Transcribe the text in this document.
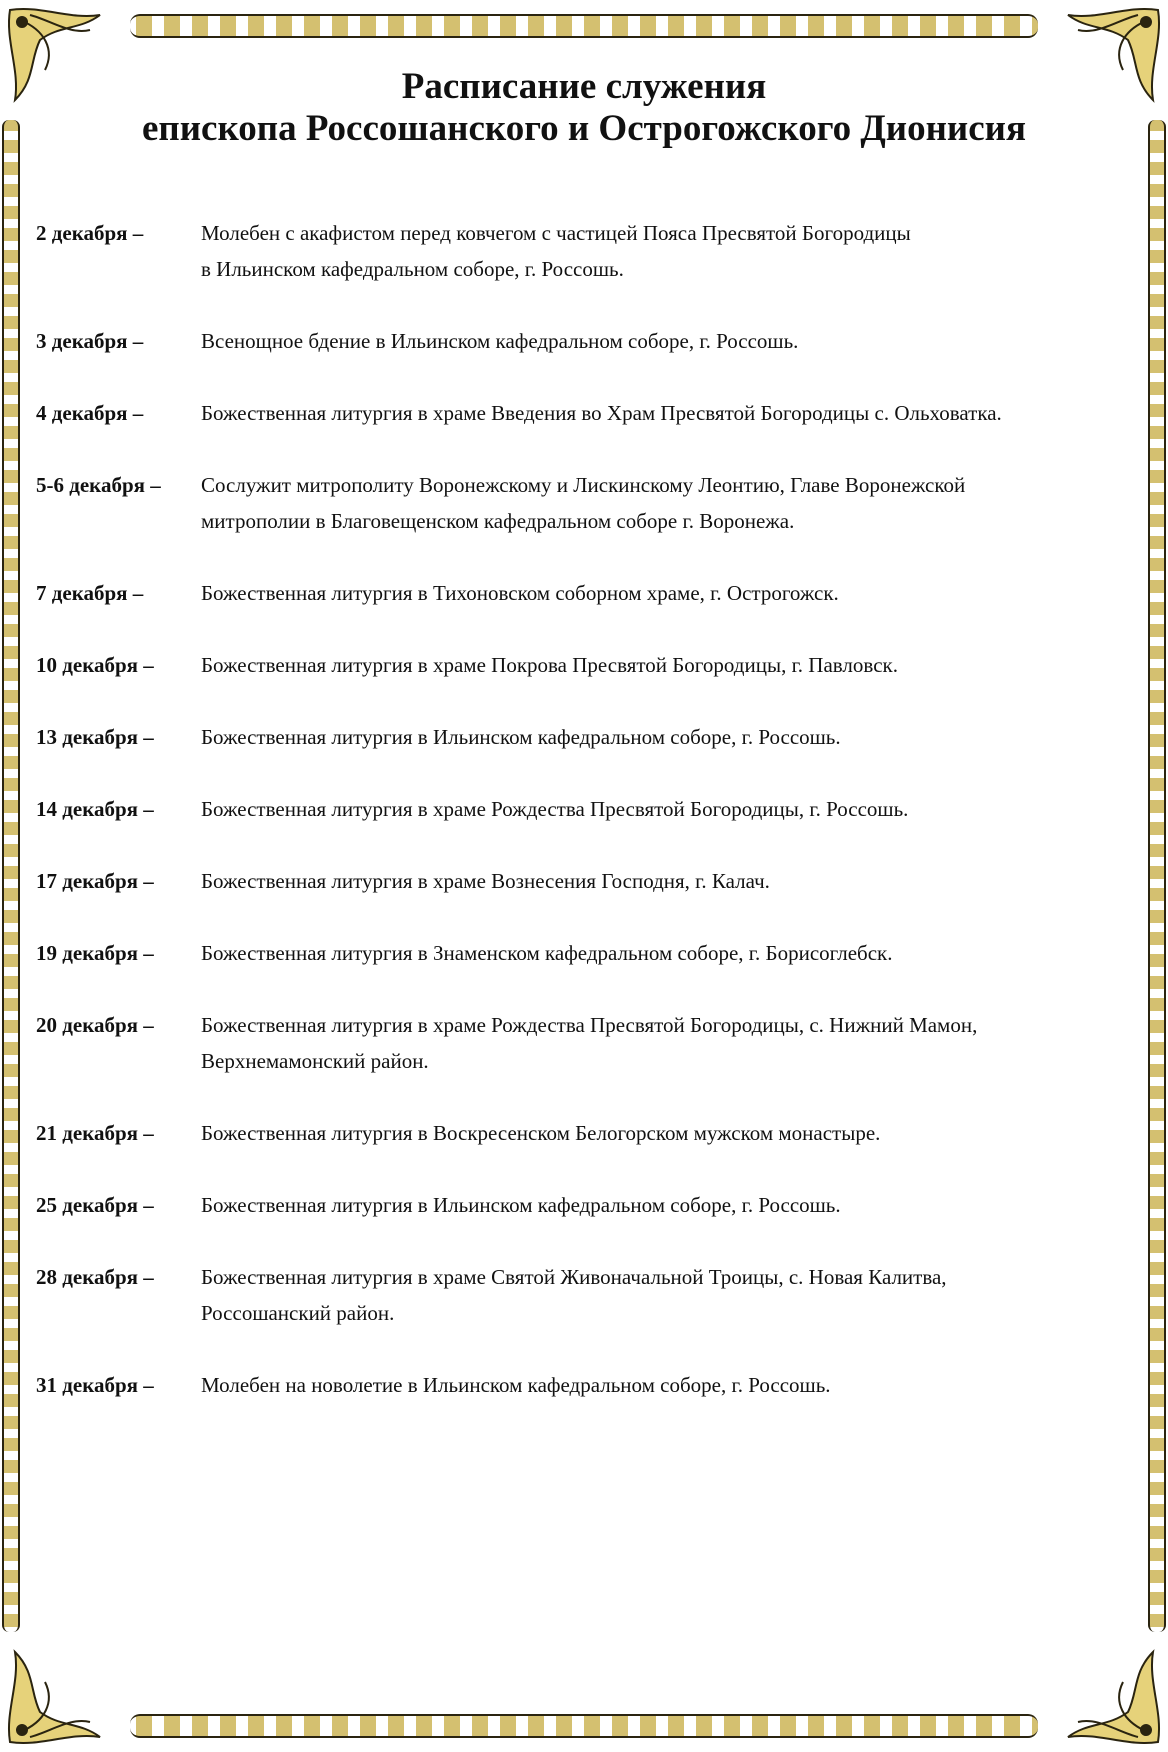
Расписание служения
епископа Россошанского и Острогожского Дионисия
2 декабря –	Молебен с акафистом перед ковчегом с частицей Пояса Пресвятой Богородицы
в Ильинском кафедральном соборе, г. Россошь.
3 декабря –	Всенощное бдение в Ильинском кафедральном соборе, г. Россошь.
4 декабря –	Божественная литургия в храме Введения во Храм Пресвятой Богородицы с. Ольховатка.
5-6 декабря –	Сослужит митрополиту Воронежскому и Лискинскому Леонтию, Главе Воронежской
митрополии в Благовещенском кафедральном соборе г. Воронежа.
7 декабря –	Божественная литургия в Тихоновском соборном храме, г. Острогожск.
10 декабря –	Божественная литургия в храме Покрова Пресвятой Богородицы, г. Павловск.
13 декабря –	Божественная литургия в Ильинском кафедральном соборе, г. Россошь.
14 декабря –	Божественная литургия в храме Рождества Пресвятой Богородицы, г. Россошь.
17 декабря –	Божественная литургия в храме Вознесения Господня, г. Калач.
19 декабря –	Божественная литургия в Знаменском кафедральном соборе, г. Борисоглебск.
20 декабря –	Божественная литургия в храме Рождества Пресвятой Богородицы, с. Нижний Мамон,
Верхнемамонский район.
21 декабря –	Божественная литургия в Воскресенском Белогорском мужском монастыре.
25 декабря –	Божественная литургия в Ильинском кафедральном соборе, г. Россошь.
28 декабря –	Божественная литургия в храме Святой Живоначальной Троицы, с. Новая Калитва,
Россошанский район.
31 декабря –	Молебен на новолетие в Ильинском кафедральном соборе, г. Россошь.
